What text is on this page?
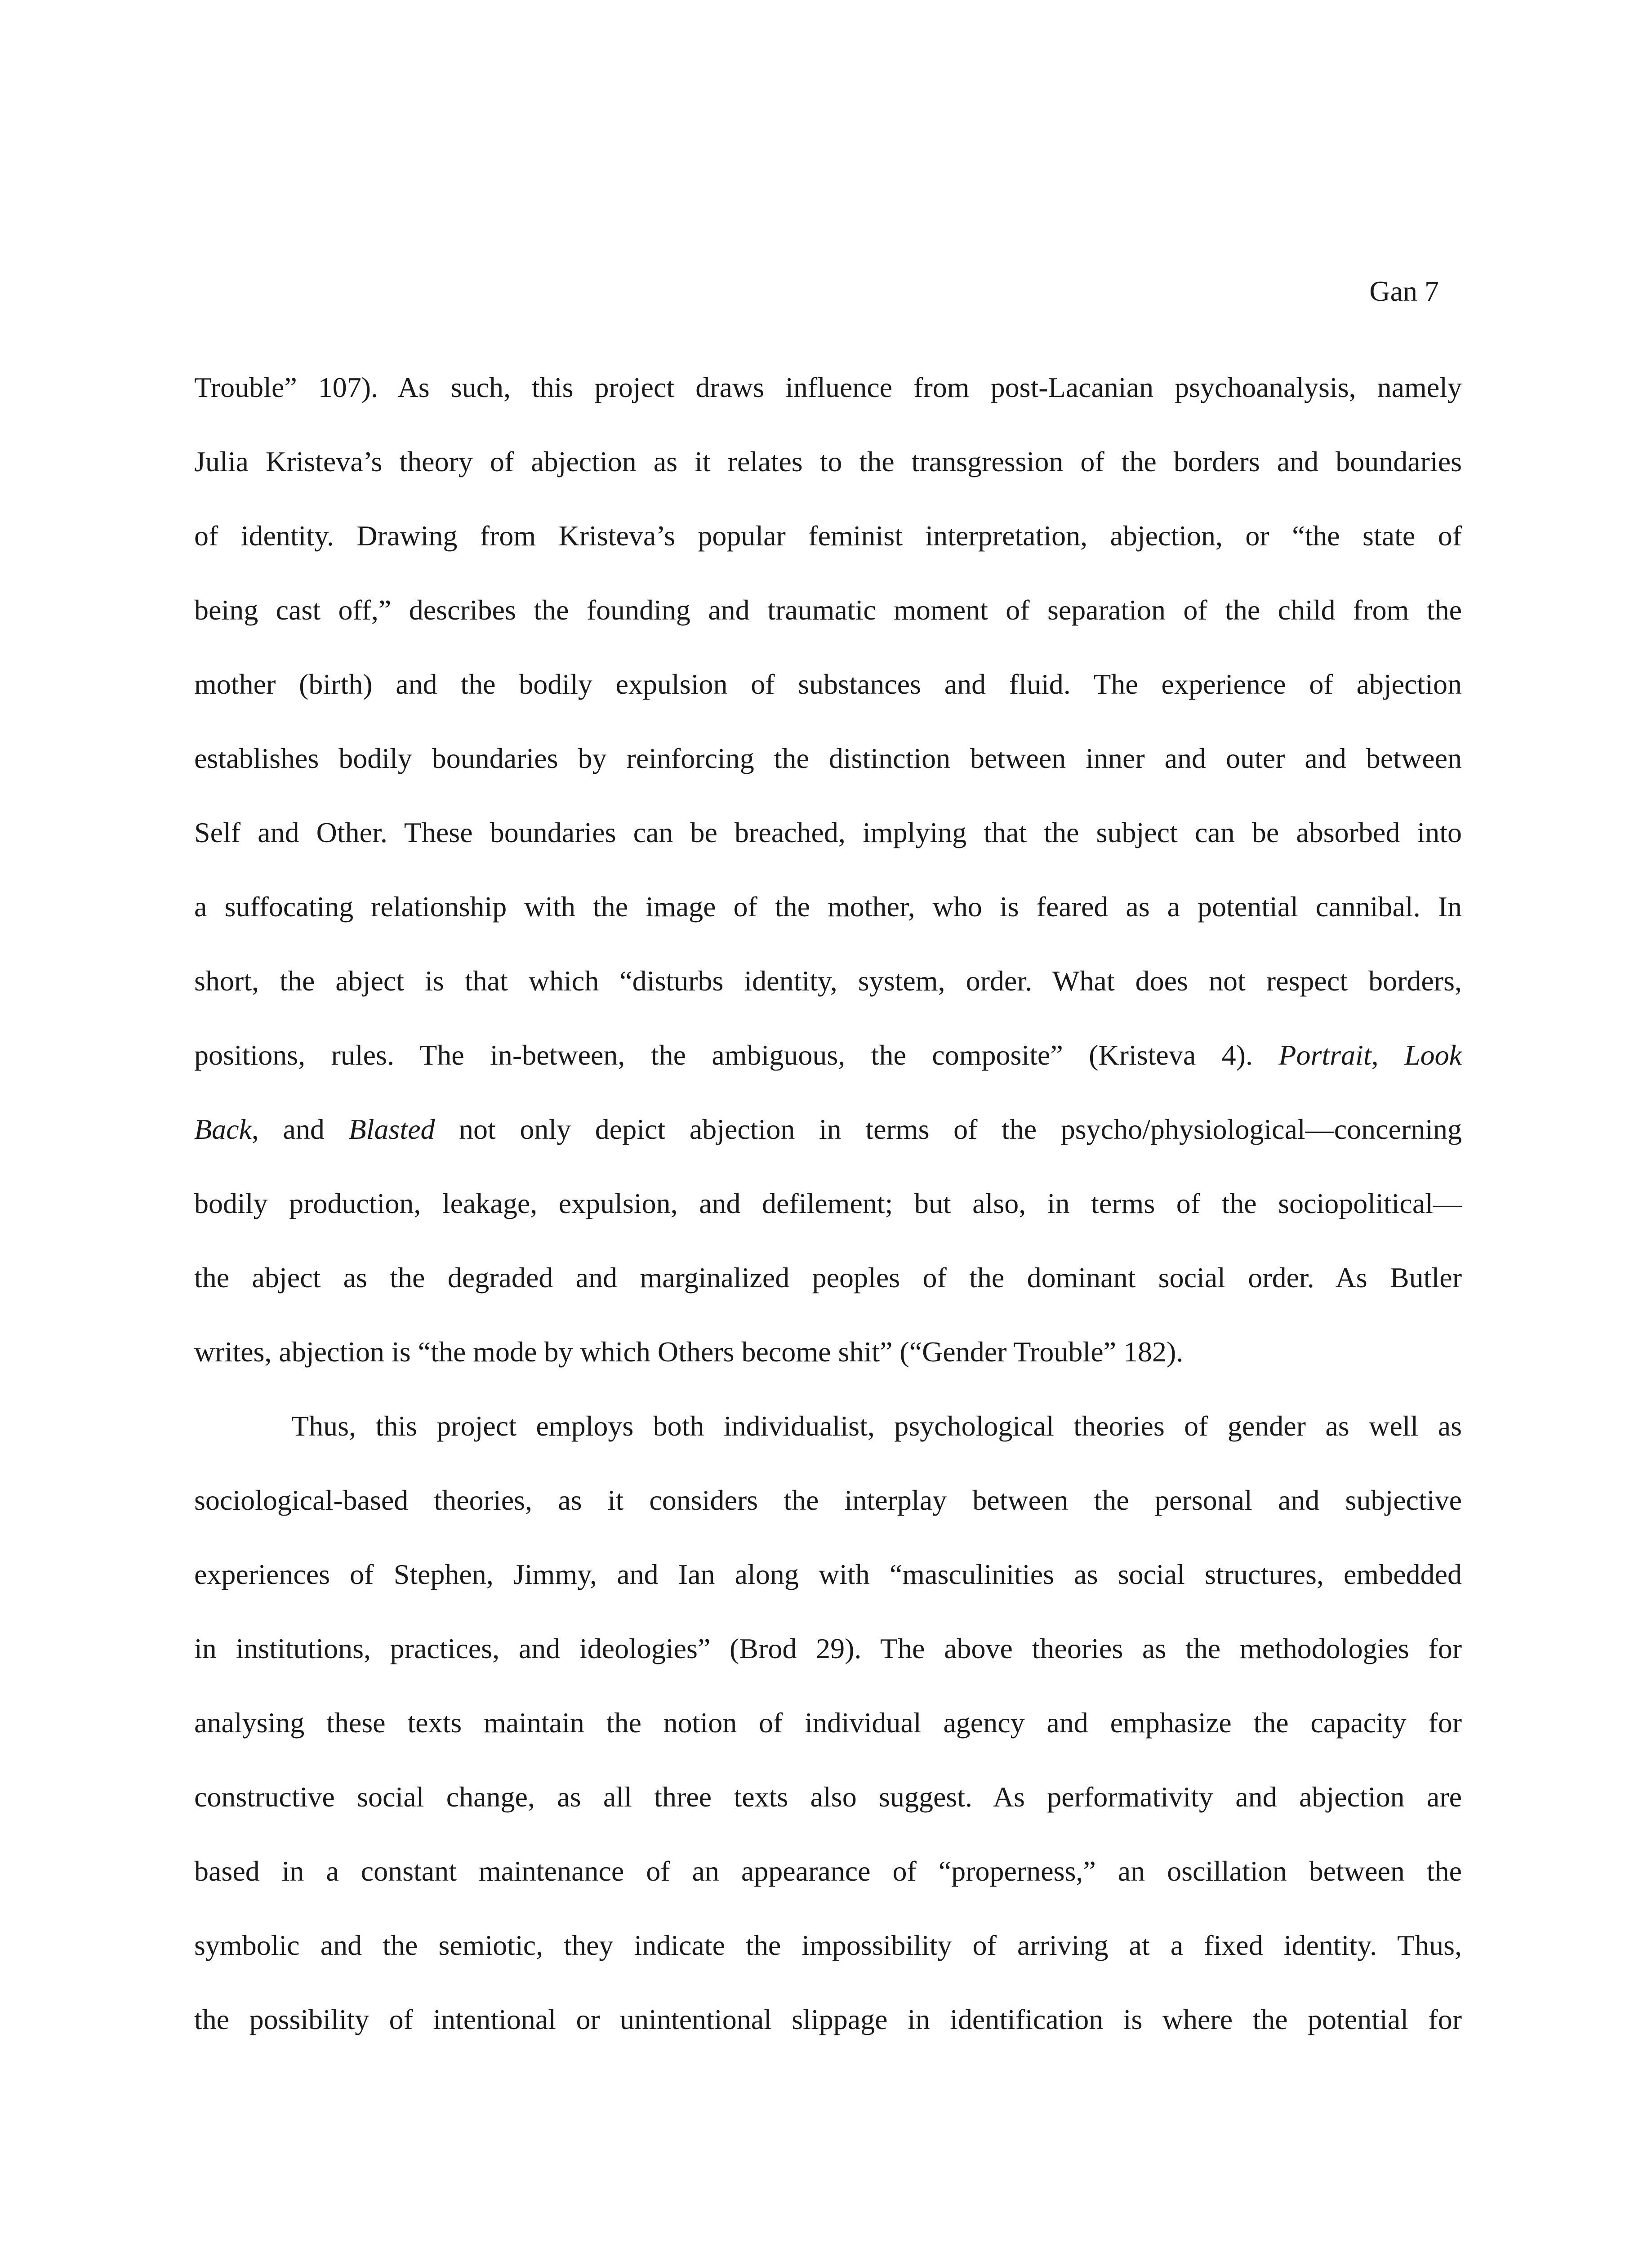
Gan 7
Trouble” 107). As such, this project draws influence from post-Lacanian psychoanalysis, namely
Julia Kristeva’s theory of abjection as it relates to the transgression of the borders and boundaries
of identity. Drawing from Kristeva’s popular feminist interpretation, abjection, or “the state of
being cast off,” describes the founding and traumatic moment of separation of the child from the
mother (birth) and the bodily expulsion of substances and fluid. The experience of abjection
establishes bodily boundaries by reinforcing the distinction between inner and outer and between
Self and Other. These boundaries can be breached, implying that the subject can be absorbed into
a suffocating relationship with the image of the mother, who is feared as a potential cannibal. In
short, the abject is that which “disturbs identity, system, order. What does not respect borders,
positions, rules. The in-between, the ambiguous, the composite” (Kristeva 4). Portrait, Look
Back, and Blasted not only depict abjection in terms of the psycho/physiological—concerning
bodily production, leakage, expulsion, and defilement; but also, in terms of the sociopolitical—
the abject as the degraded and marginalized peoples of the dominant social order. As Butler
writes, abjection is “the mode by which Others become shit” (“Gender Trouble” 182).
Thus, this project employs both individualist, psychological theories of gender as well as
sociological-based theories, as it considers the interplay between the personal and subjective
experiences of Stephen, Jimmy, and Ian along with “masculinities as social structures, embedded
in institutions, practices, and ideologies” (Brod 29). The above theories as the methodologies for
analysing these texts maintain the notion of individual agency and emphasize the capacity for
constructive social change, as all three texts also suggest. As performativity and abjection are
based in a constant maintenance of an appearance of “properness,” an oscillation between the
symbolic and the semiotic, they indicate the impossibility of arriving at a fixed identity. Thus,
the possibility of intentional or unintentional slippage in identification is where the potential for
